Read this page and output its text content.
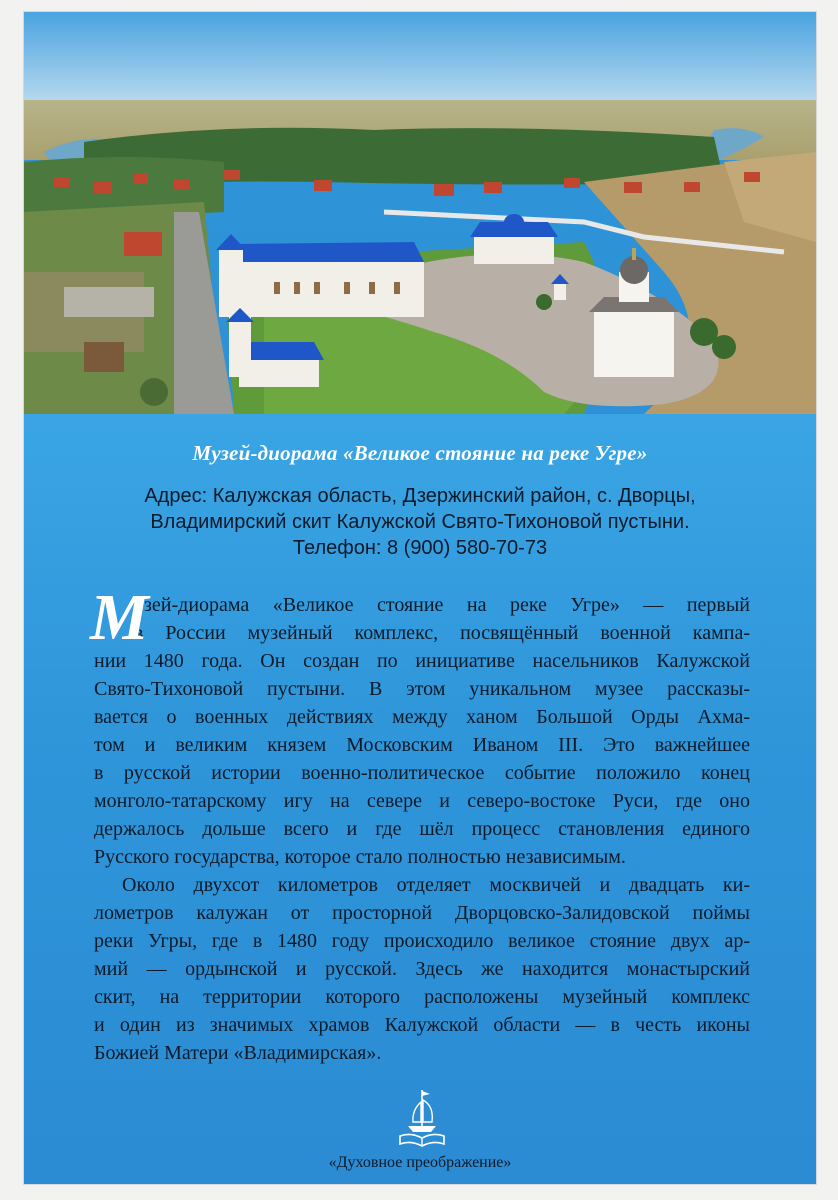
Музей-диорама «Великое стояние на реке Угре»
Адрес: Калужская область, Дзержинский район, с. Дворцы,
Владимирский скит Калужской Свято-Тихоновой пустыни.
Телефон: 8 (900) 580-70-73
М
узей-диорама «Великое стояние на реке Угре» — первый
в России музейный комплекс, посвящённый военной кампа-
нии 1480 года. Он создан по инициативе насельников Калужской
Свято-Тихоновой пустыни. В этом уникальном музее рассказы-
вается о военных действиях между ханом Большой Орды Ахма-
том и великим князем Московским Иваном III. Это важнейшее
в русской истории военно-политическое событие положило конец
монголо-татарскому игу на севере и северо-востоке Руси, где оно
держалось дольше всего и где шёл процесс становления единого
Русского государства, которое стало полностью независимым.
Около двухсот километров отделяет москвичей и двадцать ки-
лометров калужан от просторной Дворцовско-Залидовской поймы
реки Угры, где в 1480 году происходило великое стояние двух ар-
мий — ордынской и русской. Здесь же находится монастырский
скит, на территории которого расположены музейный комплекс
и один из значимых храмов Калужской области — в честь иконы
Божией Матери «Владимирская».
«Духовное преображение»
